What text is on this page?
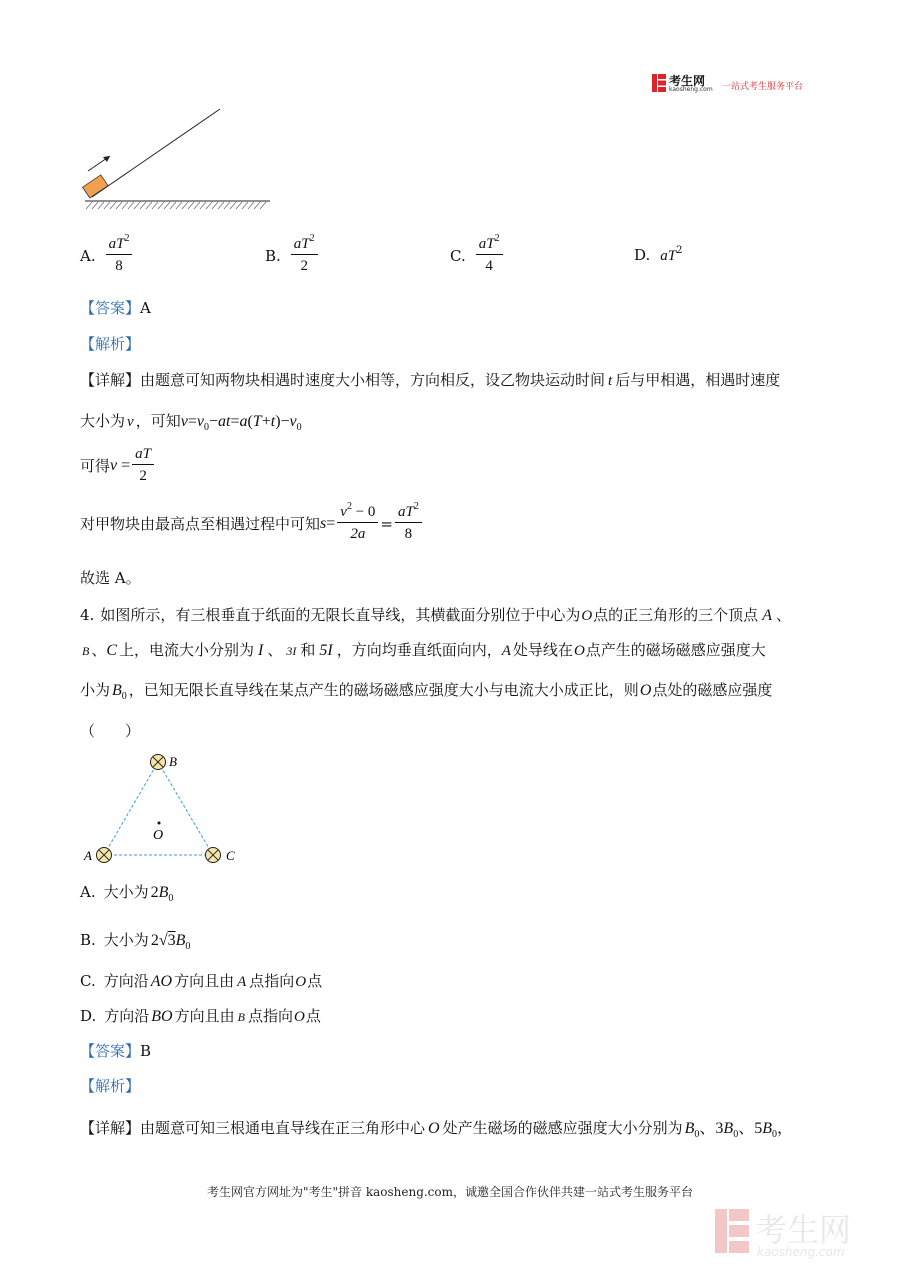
考生网
kaosheng.com 一站式考生服务平台
A. $\frac{aT^2}{8}$	B. $\frac{aT^2}{2}$	C. $\frac{aT^2}{4}$	D. $aT^2$
【答案】A
【解析】
【详解】由题意可知两物块相遇时速度大小相等，方向相反，设乙物块运动时间 t 后与甲相遇，相遇时速度
大小为 v ，可知$v=v_0-at=a(T+t)-v_0$
可得$v = \frac{aT}{2}$
对甲物块由最高点至相遇过程中可知$s= \frac{v^2 - 0}{2a} = \frac{aT^2}{8}$
故选 A。
4. 如图所示，有三根垂直于纸面的无限长直导线，其横截面分别位于中心为O点的正三角形的三个顶点 A 、
B 、C 上，电流大小分别为 I 、 3I 和 5I ，方向均垂直纸面向内，A 处导线在O点产生的磁场磁感应强度大
小为 $B_0$ ，已知无限长直导线在某点产生的磁场磁感应强度大小与电流大小成正比，则O点处的磁感应强度
（　　）
B
O
A	C
A. 大小为 $2B_0$
B. 大小为 $2√3B_0$
C. 方向沿 AO 方向且由 A 点指向O点
D. 方向沿 BO 方向且由 B 点指向O点
【答案】B
【解析】
【详解】由题意可知三根通电直导线在正三角形中心 O 处产生磁场的磁感应强度大小分别为 $B_0$、$3B_0$、$5B_0$，
考生网官方网址为"考生"拼音 kaosheng.com，诚邀全国合作伙伴共建一站式考生服务平台
考生网
kaosheng.com
